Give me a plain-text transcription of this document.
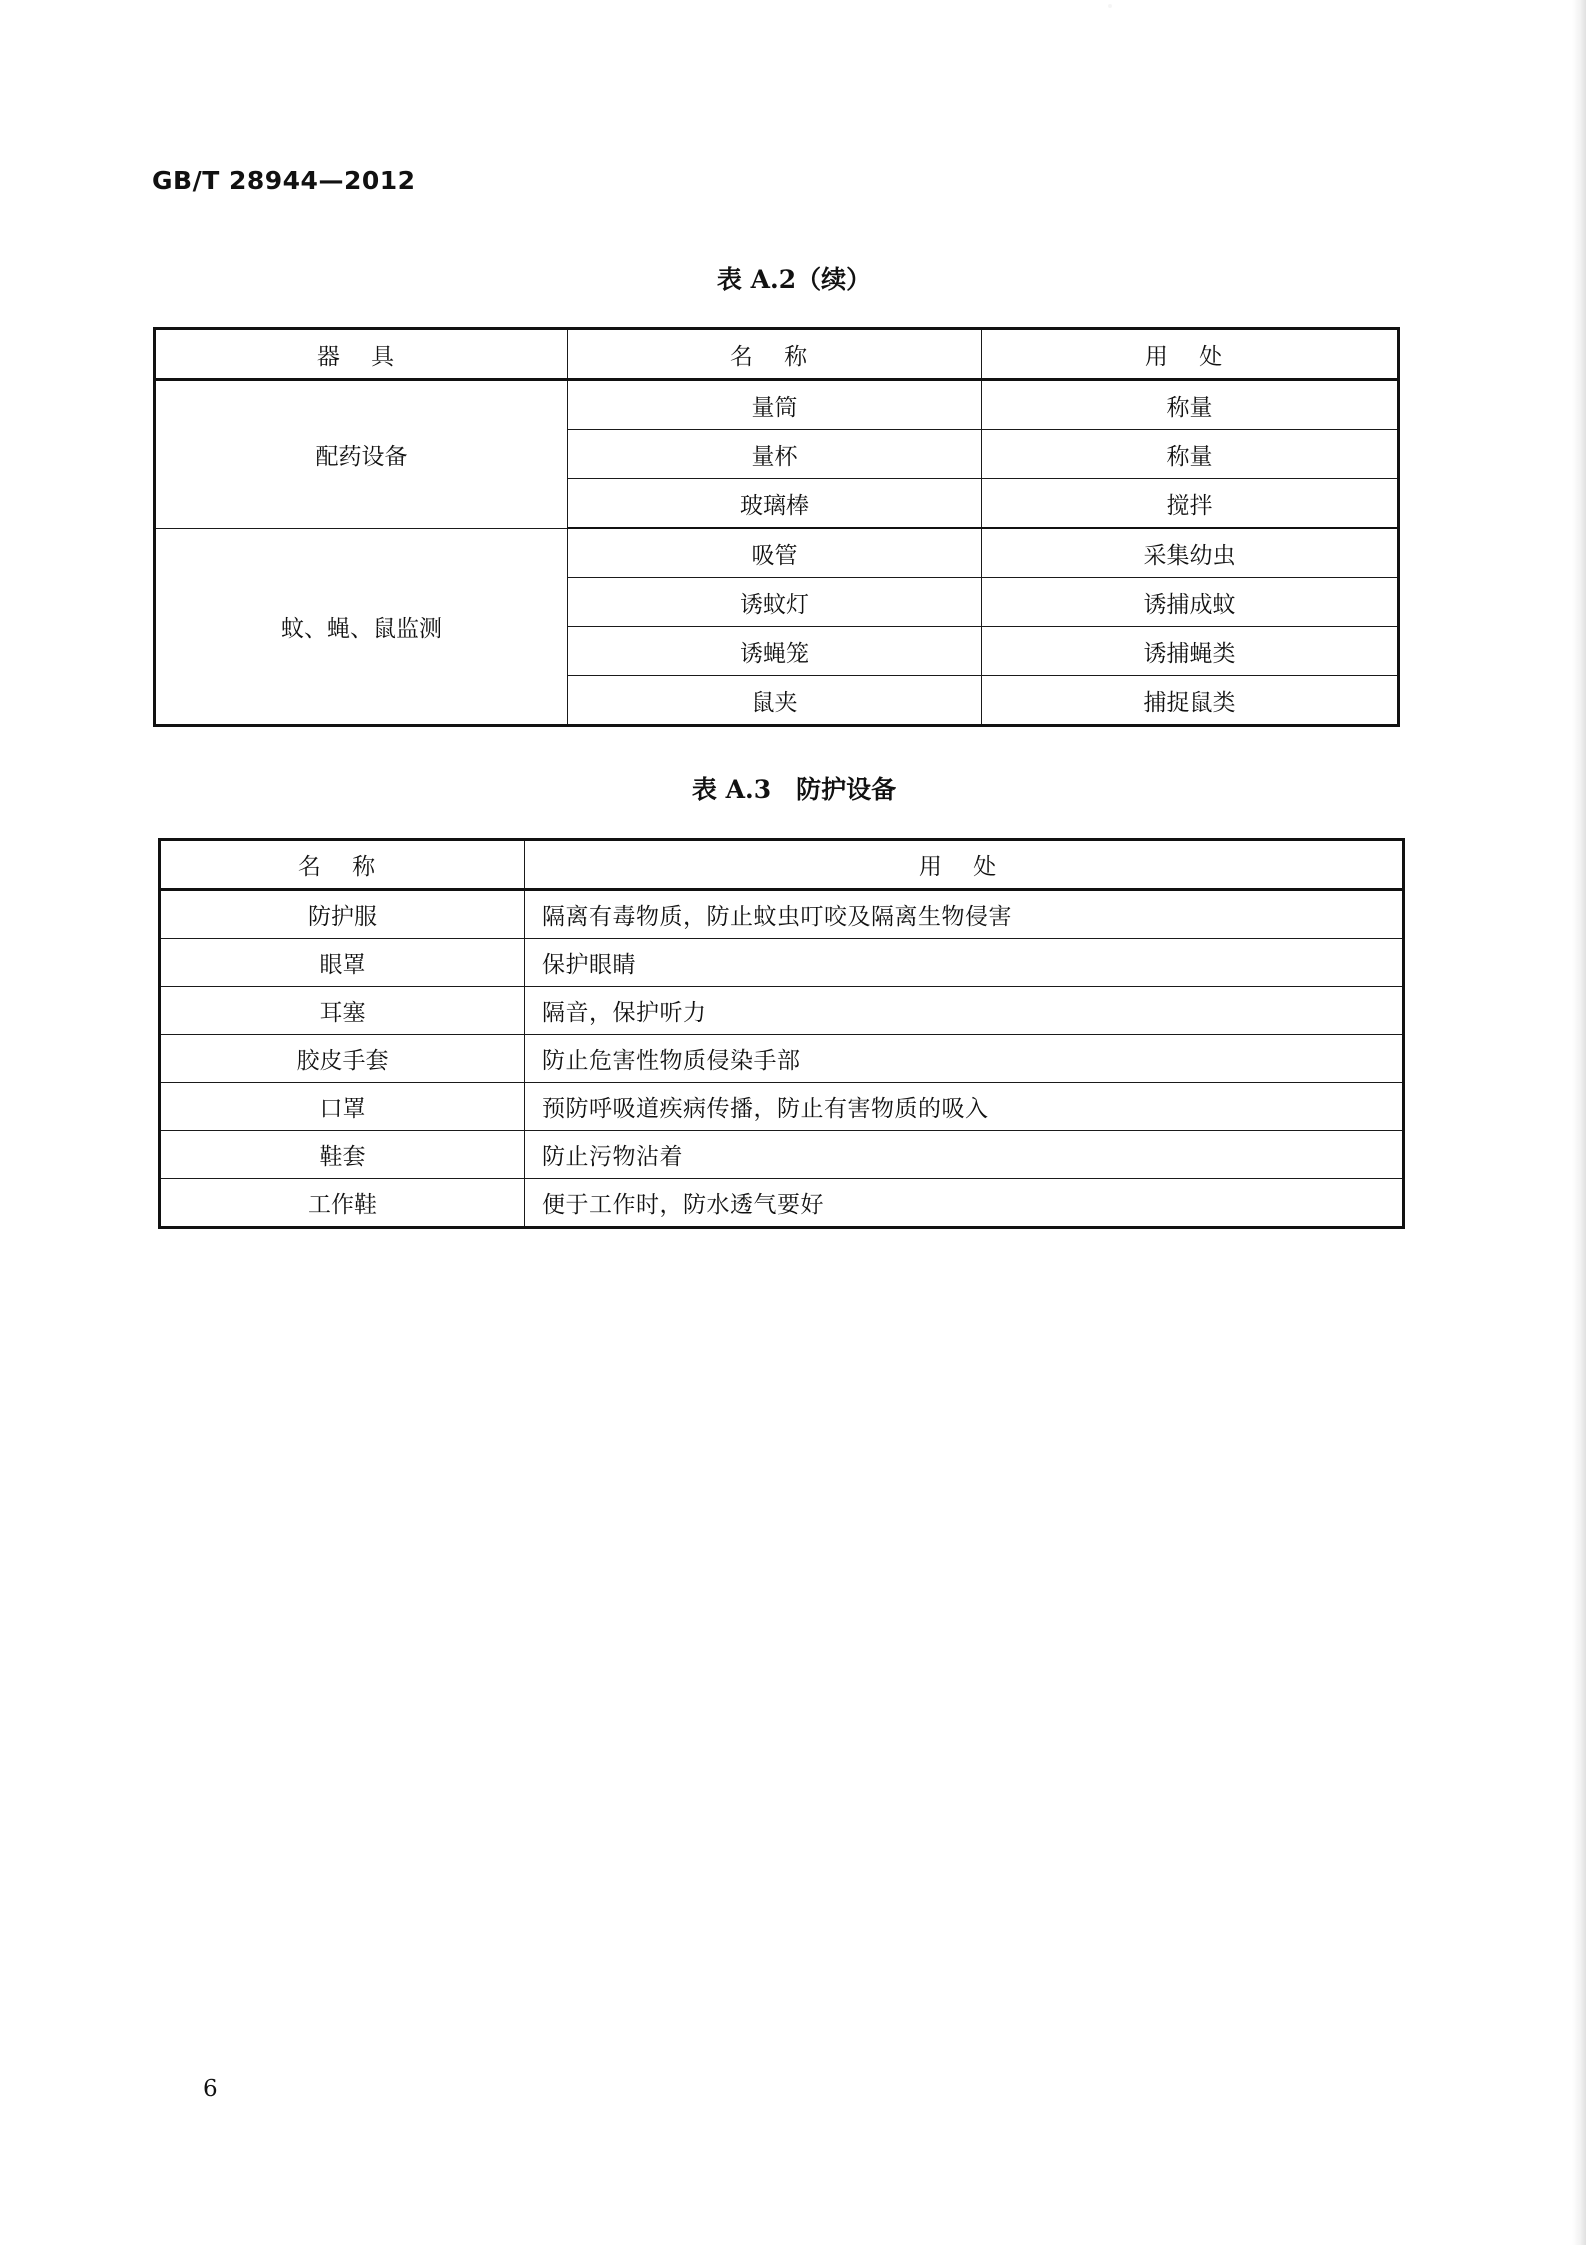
GB/T 28944—2012
表 A.2（续）
器 具	名 称	用 处
配药设备	量筒	称量
	量杯	称量
	玻璃棒	搅拌
蚊、蝇、鼠监测	吸管	采集幼虫
	诱蚊灯	诱捕成蚊
	诱蝇笼	诱捕蝇类
	鼠夹	捕捉鼠类
表 A.3　防护设备
名 称	用 处
防护服	隔离有毒物质，防止蚊虫叮咬及隔离生物侵害
眼罩	保护眼睛
耳塞	隔音，保护听力
胶皮手套	防止危害性物质侵染手部
口罩	预防呼吸道疾病传播，防止有害物质的吸入
鞋套	防止污物沾着
工作鞋	便于工作时，防水透气要好
6
